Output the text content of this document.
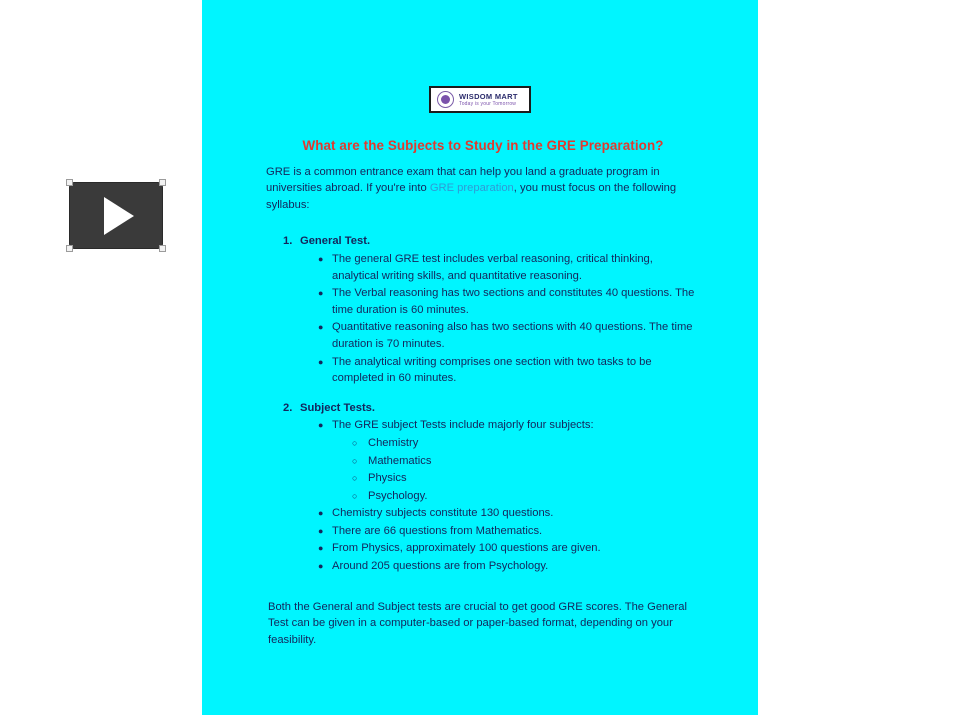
WISDOM MART
Today is your Tomorrow
What are the Subjects to Study in the GRE Preparation?
GRE is a common entrance exam that can help you land a graduate program in universities abroad. If you're into GRE preparation, you must focus on the following syllabus:
1. General Test.
● The general GRE test includes verbal reasoning, critical thinking, analytical writing skills, and quantitative reasoning.
● The Verbal reasoning has two sections and constitutes 40 questions. The time duration is 60 minutes.
● Quantitative reasoning also has two sections with 40 questions. The time duration is 70 minutes.
● The analytical writing comprises one section with two tasks to be completed in 60 minutes.
2. Subject Tests.
● The GRE subject Tests include majorly four subjects:
○ Chemistry
○ Mathematics
○ Physics
○ Psychology.
● Chemistry subjects constitute 130 questions.
● There are 66 questions from Mathematics.
● From Physics, approximately 100 questions are given.
● Around 205 questions are from Psychology.
Both the General and Subject tests are crucial to get good GRE scores. The General Test can be given in a computer-based or paper-based format, depending on your feasibility.
